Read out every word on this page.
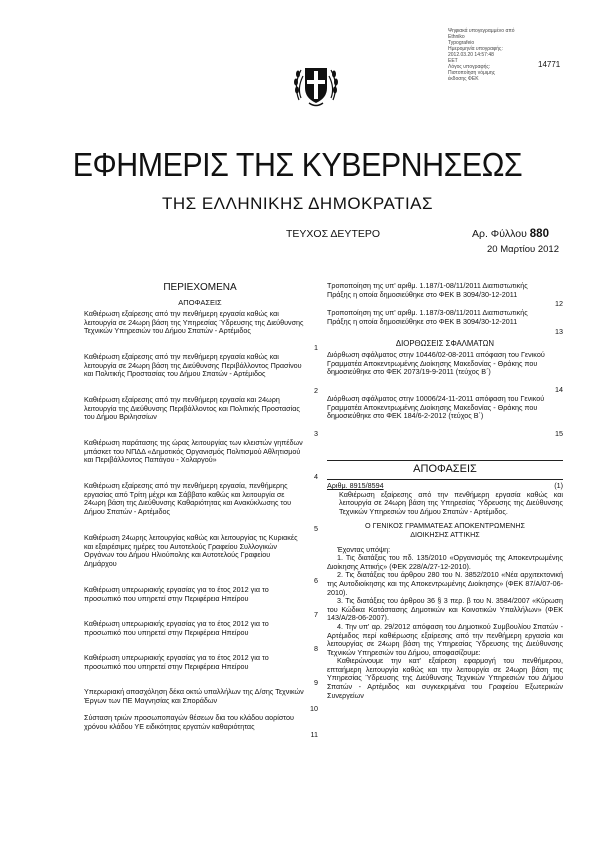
Ψηφιακά υπογεγραμμένο από
Ethniko
Typografeio
Ημερομηνία υπογραφής:
2012.03.20 14:57:48
EET
Λόγος υπογραφής:
Πιστοποίηση νόμιμης
έκδοσης ΦΕΚ
14771
ΕΦΗΜΕΡΙΣ ΤΗΣ ΚΥΒΕΡΝΗΣΕΩΣ
ΤΗΣ ΕΛΛΗΝΙΚΗΣ ΔΗΜΟΚΡΑΤΙΑΣ
ΤΕΥΧΟΣ ΔΕΥΤΕΡΟ	Αρ. Φύλλου 880
20 Μαρτίου 2012
ΠΕΡΙΕΧΟΜΕΝΑ
ΑΠΟΦΑΣΕΙΣ
Καθιέρωση εξαίρεσης από την πενθήμερη εργασία καθώς και λειτουργία σε 24ωρη βάση της Υπηρεσίας Ύδρευσης της Διεύθυνσης Τεχνικών Υπηρεσιών του Δήμου Σπατών - Αρτέμιδος
1
Καθιέρωση εξαίρεσης από την πενθήμερη εργασία καθώς και λειτουργία σε 24ωρη βάση της Διεύθυνσης Περιβάλλοντος Πρασίνου και Πολιτικής Προστασίας του Δήμου Σπατών - Αρτέμιδος
2
Καθιέρωση εξαίρεσης από την πενθήμερη εργασία και 24ωρη λειτουργία της Διεύθυνσης Περιβάλλοντος και Πολιτικής Προστασίας του Δήμου Βριλησσίων
3
Καθιέρωση παράτασης της ώρας λειτουργίας των κλειστών γηπέδων μπάσκετ του ΝΠΔΔ «Δημοτικός Οργανισμός Πολιτισμού Αθλητισμού και Περιβάλλοντος Παπάγου - Χολαργού»
4
Καθιέρωση εξαίρεσης από την πενθήμερη εργασία, πενθήμερης εργασίας από Τρίτη μέχρι και Σάββατο καθώς και λειτουργία σε 24ωρη βάση της Διεύθυνσης Καθαριότητας και Ανακύκλωσης του Δήμου Σπατών - Αρτέμιδος
5
Καθιέρωση 24ωρης λειτουργίας καθώς και λειτουργίας τις Κυριακές και εξαιρέσιμες ημέρες του Αυτοτελούς Γραφείου Συλλογικών Οργάνων του Δήμου Ηλιούπολης και Αυτοτελούς Γραφείου Δημάρχου
6
Καθιέρωση υπερωριακής εργασίας για το έτος 2012 για το προσωπικό που υπηρετεί στην Περιφέρεια Ηπείρου
7
Καθιέρωση υπερωριακής εργασίας για το έτος 2012 για το προσωπικό που υπηρετεί στην Περιφέρεια Ηπείρου
8
Καθιέρωση υπερωριακής εργασίας για το έτος 2012 για το προσωπικό που υπηρετεί στην Περιφέρεια Ηπείρου
9
Υπερωριακή απασχόληση δέκα οκτώ υπαλλήλων της Δ/σης Τεχνικών Έργων των ΠΕ Μαγνησίας και Σποράδων
10
Σύσταση τριών προσωποπαγών θέσεων δια του κλάδου αορίστου χρόνου κλάδου ΥΕ ειδικότητας εργατών καθαριότητας
11
Τροποποίηση της υπ' αριθμ. 1.187/1-08/11/2011 Διαπιστωτικής Πράξης η οποία δημοσιεύθηκε στο ΦΕΚ Β 3094/30-12-2011
12
Τροποποίηση της υπ' αριθμ. 1.187/3-08/11/2011 Διαπιστωτικής Πράξης η οποία δημοσιεύθηκε στο ΦΕΚ Β 3094/30-12-2011
13
ΔΙΟΡΘΩΣΕΙΣ ΣΦΑΛΜΑΤΩΝ
Διόρθωση σφάλματος στην 10446/02-08-2011 απόφαση του Γενικού Γραμματέα Αποκεντρωμένης Διοίκησης Μακεδονίας - Θράκης που δημοσιεύθηκε στο ΦΕΚ 2073/19-9-2011 (τεύχος Β΄)
14
Διόρθωση σφάλματος στην 10006/24-11-2011 απόφαση του Γενικού Γραμματέα Αποκεντρωμένης Διοίκησης Μακεδονίας - Θράκης που δημοσιεύθηκε στο ΦΕΚ 184/6-2-2012 (τεύχος Β΄)
15
ΑΠΟΦΑΣΕΙΣ
Αριθμ. 8915/8594	(1)
Καθιέρωση εξαίρεσης από την πενθήμερη εργασία καθώς και λειτουργία σε 24ωρη βάση της Υπηρεσίας Ύδρευσης της Διεύθυνσης Τεχνικών Υπηρεσιών του Δήμου Σπατών - Αρτέμιδος.
Ο ΓΕΝΙΚΟΣ ΓΡΑΜΜΑΤΕΑΣ ΑΠΟΚΕΝΤΡΩΜΕΝΗΣ ΔΙΟΙΚΗΣΗΣ ΑΤΤΙΚΗΣ
Έχοντας υπόψη:
1. Τις διατάξεις του πδ. 135/2010 «Οργανισμός της Αποκεντρωμένης Διοίκησης Αττικής» (ΦΕΚ 228/Α/27-12-2010).
2. Τις διατάξεις του άρθρου 280 του Ν. 3852/2010 «Νέα αρχιτεκτονική της Αυτοδιοίκησης και της Αποκεντρωμένης Διοίκησης» (ΦΕΚ 87/Α/07-06-2010).
3. Τις διατάξεις του άρθρου 36 § 3 περ. β του Ν. 3584/2007 «Κύρωση του Κώδικα Κατάστασης Δημοτικών και Κοινοτικών Υπαλλήλων» (ΦΕΚ 143/Α/28-06-2007).
4. Την υπ' αρ. 29/2012 απόφαση του Δημοτικού Συμβουλίου Σπατών - Αρτέμιδος περί καθιέρωσης εξαίρεσης από την πενθήμερη εργασία και λειτουργίας σε 24ωρη βάση της Υπηρεσίας Ύδρευσης της Διεύθυνσης Τεχνικών Υπηρεσιών του Δήμου, αποφασίζουμε:
Καθιερώνουμε την κατ' εξαίρεση εφαρμογή του πενθήμερου, επταήμερη λειτουργία καθώς και την λειτουργία σε 24ωρη βάση της Υπηρεσίας Ύδρευσης της Διεύθυνσης Τεχνικών Υπηρεσιών του Δήμου Σπατών - Αρτέμιδος και συγκεκριμένα του Γραφείου Εξωτερικών Συνεργείων
